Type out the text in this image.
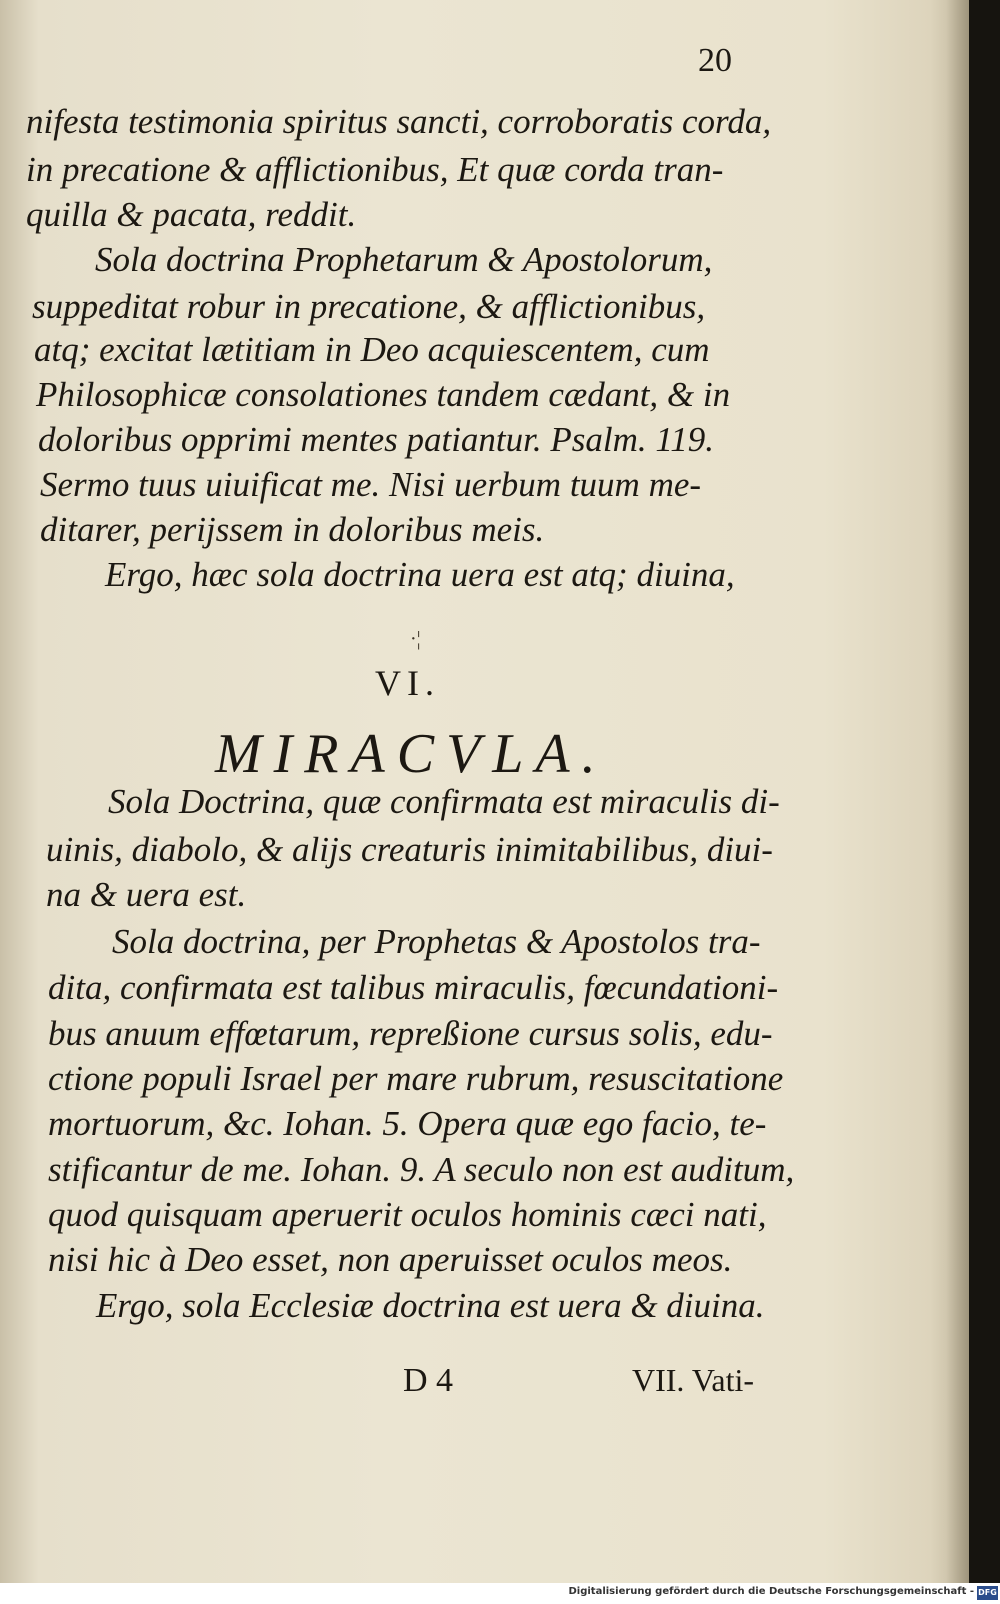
20
nifesta testimonia spiritus sancti, corroboratis corda,
in precatione & afflictionibus, Et quæ corda tran-
quilla & pacata, reddit.
Sola doctrina Prophetarum & Apostolorum,
suppeditat robur in precatione, & afflictionibus,
atq; excitat lætitiam in Deo acquiescentem, cum
Philosophicæ consolationes tandem cædant, & in
doloribus opprimi mentes patiantur. Psalm. 119.
Sermo tuus uiuificat me. Nisi uerbum tuum me-
ditarer, perijssem in doloribus meis.
Ergo, hæc sola doctrina uera est atq; diuina,
·¦
VI.
MIRACVLA.
Sola Doctrina, quæ confirmata est miraculis di-
uinis, diabolo, & alijs creaturis inimitabilibus, diui-
na & uera est.
Sola doctrina, per Prophetas & Apostolos tra-
dita, confirmata est talibus miraculis, fœcundationi-
bus anuum effœtarum, repreßione cursus solis, edu-
ctione populi Israel per mare rubrum, resuscitatione
mortuorum, &c. Iohan. 5. Opera quæ ego facio, te-
stificantur de me. Iohan. 9. A seculo non est auditum,
quod quisquam aperuerit oculos hominis cæci nati,
nisi hic à Deo esset, non aperuisset oculos meos.
Ergo, sola Ecclesiæ doctrina est uera & diuina.
D 4	VII. Vati-
Digitalisierung gefördert durch die Deutsche Forschungsgemeinschaft - DFG
